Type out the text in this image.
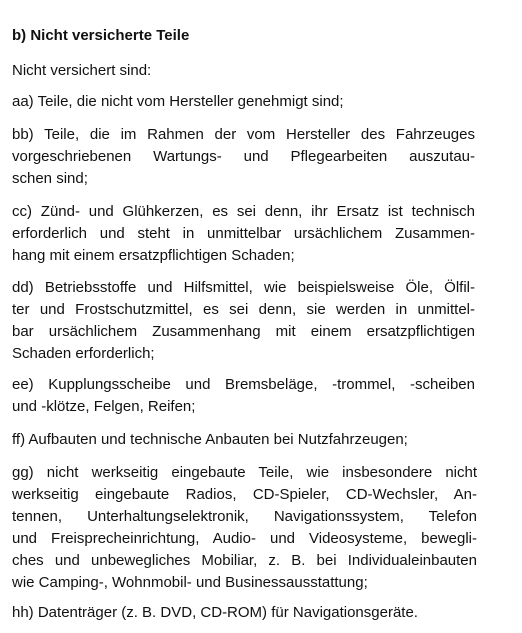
b) Nicht versicherte Teile
Nicht versichert sind:
aa) Teile, die nicht vom Hersteller genehmigt sind;
bb) Teile, die im Rahmen der vom Hersteller des Fahrzeuges
vorgeschriebenen Wartungs- und Pflegearbeiten auszutau-
schen sind;
cc) Zünd- und Glühkerzen, es sei denn, ihr Ersatz ist technisch
erforderlich und steht in unmittelbar ursächlichem Zusammen-
hang mit einem ersatzpflichtigen Schaden;
dd) Betriebsstoffe und Hilfsmittel, wie beispielsweise Öle, Ölfil-
ter und Frostschutzmittel, es sei denn, sie werden in unmittel-
bar ursächlichem Zusammenhang mit einem ersatzpflichtigen
Schaden erforderlich;
ee) Kupplungsscheibe und Bremsbeläge, -trommel, -scheiben
und -klötze, Felgen, Reifen;
ff) Aufbauten und technische Anbauten bei Nutzfahrzeugen;
gg) nicht werkseitig eingebaute Teile, wie insbesondere nicht
werkseitig eingebaute Radios, CD-Spieler, CD-Wechsler, An-
tennen, Unterhaltungselektronik, Navigationssystem, Telefon
und Freisprecheinrichtung, Audio- und Videosysteme, bewegli-
ches und unbewegliches Mobiliar, z. B. bei Individualeinbauten
wie Camping-, Wohnmobil- und Businessausstattung;
hh) Datenträger (z. B. DVD, CD-ROM) für Navigationsgeräte.
